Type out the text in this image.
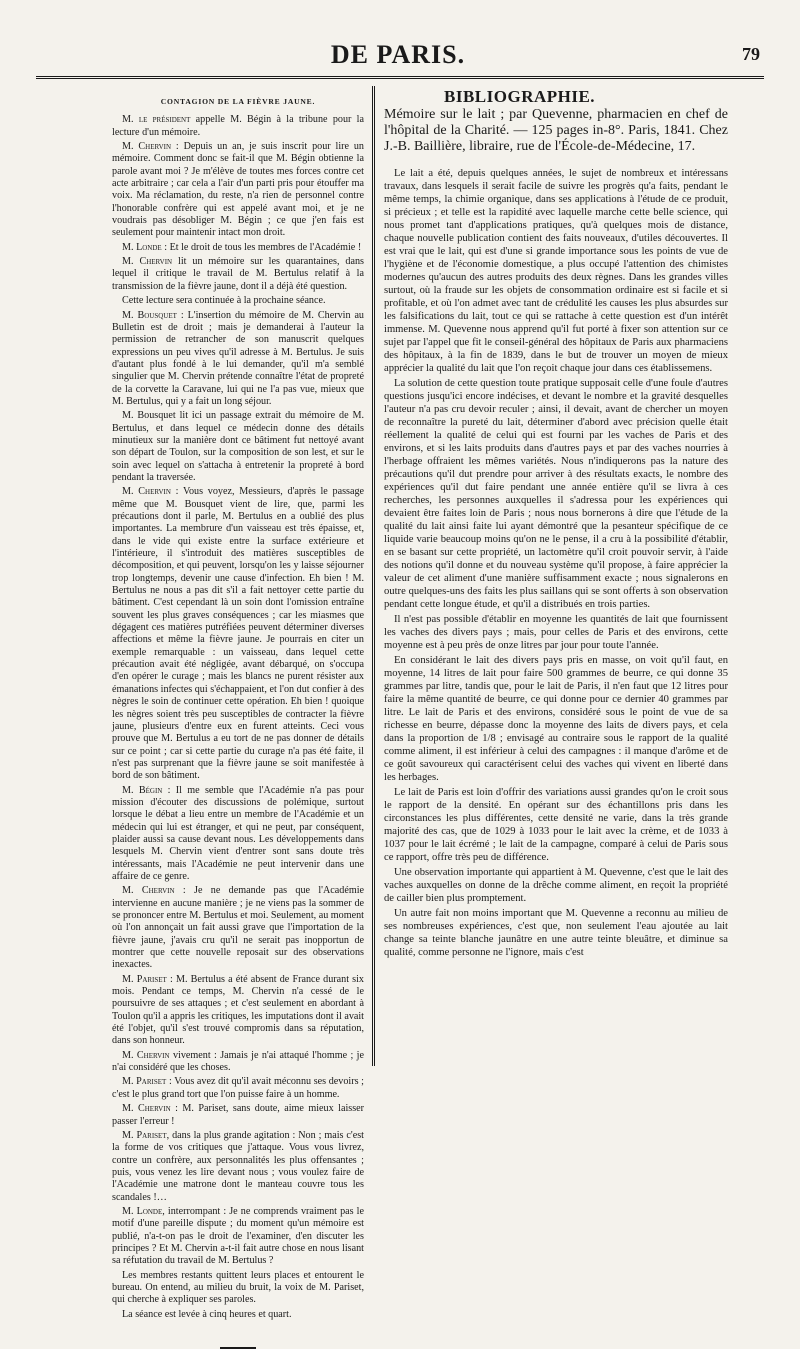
DE PARIS.	79

CONTAGION DE LA FIÈVRE JAUNE.

M. le président appelle M. Bégin à la tribune pour la lecture d'un mémoire.

M. Chervin : Depuis un an, je suis inscrit pour lire un mémoire. Comment donc se fait-il que M. Bégin obtienne la parole avant moi ? Je m'élève de toutes mes forces contre cet acte arbitraire ; car cela a l'air d'un parti pris pour étouffer ma voix. Ma réclamation, du reste, n'a rien de personnel contre l'honorable confrère qui est appelé avant moi, et je ne voudrais pas désobliger M. Bégin ; ce que j'en fais est seulement pour maintenir intact mon droit.

M. Londe : Et le droit de tous les membres de l'Académie !

M. Chervin lit un mémoire sur les quarantaines, dans lequel il critique le travail de M. Bertulus relatif à la transmission de la fièvre jaune, dont il a déjà été question.

Cette lecture sera continuée à la prochaine séance.

M. Bousquet : L'insertion du mémoire de M. Chervin au Bulletin est de droit ; mais je demanderai à l'auteur la permission de retrancher de son manuscrit quelques expressions un peu vives qu'il adresse à M. Bertulus. Je suis d'autant plus fondé à le lui demander, qu'il m'a semblé singulier que M. Chervin prétende connaître l'état de propreté de la corvette la Caravane, lui qui ne l'a pas vue, mieux que M. Bertulus, qui y a fait un long séjour.

M. Bousquet lit ici un passage extrait du mémoire de M. Bertulus, et dans lequel ce médecin donne des détails minutieux sur la manière dont ce bâtiment fut nettoyé avant son départ de Toulon, sur la composition de son lest, et sur le soin avec lequel on s'attacha à entretenir la propreté à bord pendant la traversée.

M. Chervin : Vous voyez, Messieurs, d'après le passage même que M. Bousquet vient de lire, que, parmi les précautions dont il parle, M. Bertulus en a oublié des plus importantes. La membrure d'un vaisseau est très épaisse, et, dans le vide qui existe entre la surface extérieure et l'intérieure, il s'introduit des matières susceptibles de décomposition, et qui peuvent, lorsqu'on les y laisse séjourner trop longtemps, devenir une cause d'infection. Eh bien ! M. Bertulus ne nous a pas dit s'il a fait nettoyer cette partie du bâtiment. C'est cependant là un soin dont l'omission entraîne souvent les plus graves conséquences ; car les miasmes que dégagent ces matières putréfiées peuvent déterminer diverses affections et même la fièvre jaune. Je pourrais en citer un exemple remarquable : un vaisseau, dans lequel cette précaution avait été négligée, avant débarqué, on s'occupa d'en opérer le curage ; mais les blancs ne purent résister aux émanations infectes qui s'échappaient, et l'on dut confier à des nègres le soin de continuer cette opération. Eh bien ! quoique les nègres soient très peu susceptibles de contracter la fièvre jaune, plusieurs d'entre eux en furent atteints. Ceci vous prouve que M. Bertulus a eu tort de ne pas donner de détails sur ce point ; car si cette partie du curage n'a pas été faite, il n'est pas surprenant que la fièvre jaune se soit manifestée à bord de son bâtiment.

M. Bégin : Il me semble que l'Académie n'a pas pour mission d'écouter des discussions de polémique, surtout lorsque le débat a lieu entre un membre de l'Académie et un médecin qui lui est étranger, et qui ne peut, par conséquent, plaider aussi sa cause devant nous. Les développements dans lesquels M. Chervin vient d'entrer sont sans doute très intéressants, mais l'Académie ne peut intervenir dans une affaire de ce genre.

M. Chervin : Je ne demande pas que l'Académie intervienne en aucune manière ; je ne viens pas la sommer de se prononcer entre M. Bertulus et moi. Seulement, au moment où l'on annonçait un fait aussi grave que l'importation de la fièvre jaune, j'avais cru qu'il ne serait pas inopportun de montrer que cette nouvelle reposait sur des observations inexactes.

M. Pariset : M. Bertulus a été absent de France durant six mois. Pendant ce temps, M. Chervin n'a cessé de le poursuivre de ses attaques ; et c'est seulement en abordant à Toulon qu'il a appris les critiques, les imputations dont il avait été l'objet, qu'il s'est trouvé compromis dans sa réputation, dans son honneur.

M. Chervin vivement : Jamais je n'ai attaqué l'homme ; je n'ai considéré que les choses.

M. Pariset : Vous avez dit qu'il avait méconnu ses devoirs ; c'est le plus grand tort que l'on puisse faire à un homme.

M. Chervin : M. Pariset, sans doute, aime mieux laisser passer l'erreur !

M. Pariset, dans la plus grande agitation : Non ; mais c'est la forme de vos critiques que j'attaque. Vous vous livrez, contre un confrère, aux personnalités les plus offensantes ; puis, vous venez les lire devant nous ; vous voulez faire de l'Académie une matrone dont le manteau couvre tous les scandales !…

M. Londe, interrompant : Je ne comprends vraiment pas le motif d'une pareille dispute ; du moment qu'un mémoire est publié, n'a-t-on pas le droit de l'examiner, d'en discuter les principes ? Et M. Chervin a-t-il fait autre chose en nous lisant sa réfutation du travail de M. Bertulus ?

Les membres restants quittent leurs places et entourent le bureau. On entend, au milieu du bruit, la voix de M. Pariset, qui cherche à expliquer ses paroles.

La séance est levée à cinq heures et quart.

BIBLIOGRAPHIE.

Mémoire sur le lait ; par Quevenne, pharmacien en chef de l'hôpital de la Charité. — 125 pages in-8°. Paris, 1841. Chez J.-B. Baillière, libraire, rue de l'École-de-Médecine, 17.

Le lait a été, depuis quelques années, le sujet de nombreux et intéressans travaux, dans lesquels il serait facile de suivre les progrès qu'a faits, pendant le même temps, la chimie organique, dans ses applications à l'étude de ce produit, si précieux ; et telle est la rapidité avec laquelle marche cette belle science, qui nous promet tant d'applications pratiques, qu'à quelques mois de distance, chaque nouvelle publication contient des faits nouveaux, d'utiles découvertes. Il est vrai que le lait, qui est d'une si grande importance sous les points de vue de l'hygiène et de l'économie domestique, a plus occupé l'attention des chimistes modernes qu'aucun des autres produits des deux règnes. Dans les grandes villes surtout, où la fraude sur les objets de consommation ordinaire est si facile et si profitable, et où l'on admet avec tant de crédulité les causes les plus absurdes sur les falsifications du lait, tout ce qui se rattache à cette question est d'un intérêt immense. M. Quevenne nous apprend qu'il fut porté à fixer son attention sur ce sujet par l'appel que fit le conseil-général des hôpitaux de Paris aux pharmaciens des hôpitaux, à la fin de 1839, dans le but de trouver un moyen de mieux apprécier la qualité du lait que l'on reçoit chaque jour dans ces établissemens.

La solution de cette question toute pratique supposait celle d'une foule d'autres questions jusqu'ici encore indécises, et devant le nombre et la gravité desquelles l'auteur n'a pas cru devoir reculer ; ainsi, il devait, avant de chercher un moyen de reconnaître la pureté du lait, déterminer d'abord avec précision quelle était réellement la qualité de celui qui est fourni par les vaches de Paris et des environs, et si les laits produits dans d'autres pays et par des vaches nourries à l'herbage offraient les mêmes variétés. Nous n'indiquerons pas la nature des précautions qu'il dut prendre pour arriver à des résultats exacts, le nombre des expériences qu'il dut faire pendant une année entière qu'il se livra à ces recherches, les personnes auxquelles il s'adressa pour les expériences qui devaient être faites loin de Paris ; nous nous bornerons à dire que l'étude de la qualité du lait ainsi faite lui ayant démontré que la pesanteur spécifique de ce liquide varie beaucoup moins qu'on ne le pense, il a cru à la possibilité d'établir, en se basant sur cette propriété, un lactomètre qu'il croit pouvoir servir, à l'aide des notions qu'il donne et du nouveau système qu'il propose, à faire apprécier la valeur de cet aliment d'une manière suffisamment exacte ; nous signalerons en outre quelques-uns des faits les plus saillans qui se sont offerts à son observation pendant cette longue étude, et qu'il a distribués en trois parties.

Il n'est pas possible d'établir en moyenne les quantités de lait que fournissent les vaches des divers pays ; mais, pour celles de Paris et des environs, cette moyenne est à peu près de onze litres par jour pour toute l'année.

En considérant le lait des divers pays pris en masse, on voit qu'il faut, en moyenne, 14 litres de lait pour faire 500 grammes de beurre, ce qui donne 35 grammes par litre, tandis que, pour le lait de Paris, il n'en faut que 12 litres pour faire la même quantité de beurre, ce qui donne pour ce dernier 40 grammes par litre. Le lait de Paris et des environs, considéré sous le point de vue de sa richesse en beurre, dépasse donc la moyenne des laits de divers pays, et cela dans la proportion de 1/8 ; envisagé au contraire sous le rapport de la qualité comme aliment, il est inférieur à celui des campagnes : il manque d'arôme et de ce goût savoureux qui caractérisent celui des vaches qui vivent en liberté dans les herbages.

Le lait de Paris est loin d'offrir des variations aussi grandes qu'on le croit sous le rapport de la densité. En opérant sur des échantillons pris dans les circonstances les plus différentes, cette densité ne varie, dans la très grande majorité des cas, que de 1029 à 1033 pour le lait avec la crème, et de 1033 à 1037 pour le lait écrémé ; le lait de la campagne, comparé à celui de Paris sous ce rapport, offre très peu de différence.

Une observation importante qui appartient à M. Quevenne, c'est que le lait des vaches auxquelles on donne de la drêche comme aliment, en reçoit la propriété de cailler bien plus promptement.

Un autre fait non moins important que M. Quevenne a reconnu au milieu de ses nombreuses expériences, c'est que, non seulement l'eau ajoutée au lait change sa teinte blanche jaunâtre en une autre teinte bleuâtre, et diminue sa qualité, comme personne ne l'ignore, mais c'est
